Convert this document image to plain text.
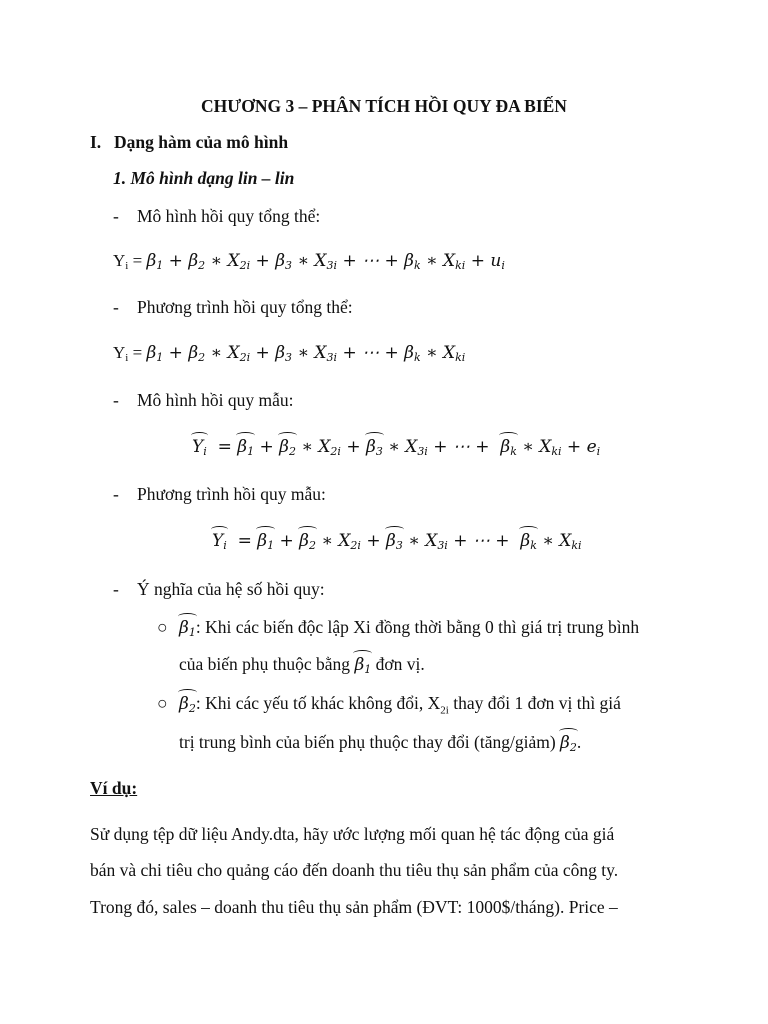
CHƯƠNG 3 – PHÂN TÍCH HỒI QUY ĐA BIẾN
I. Dạng hàm của mô hình
1. Mô hình dạng lin – lin
- Mô hình hồi quy tổng thể:
$Y_i = \beta_1 + \beta_2$ ∗ $X_{2i} + \beta_3$ ∗ $X_{3i}$ + ⋯ + $\beta_k$ ∗ $X_{ki} + u_i$
- Phương trình hồi quy tổng thể:
$Y_i = \beta_1 + \beta_2$ ∗ $X_{2i} + \beta_3$ ∗ $X_{3i}$ + ⋯ + $\beta_k$ ∗ $X_{ki}$
- Mô hình hồi quy mẫu:
$Y_i = \beta_1 + \beta_2$ ∗ $X_{2i} + \beta_3$ ∗ $X_{3i}$ + ⋯ +  $\beta_k$ ∗ $X_{ki} + e_i$
- Phương trình hồi quy mẫu:
$Y_i = \beta_1 + \beta_2$ ∗ $X_{2i} + \beta_3$ ∗ $X_{3i}$ + ⋯ +  $\beta_k$ ∗ $X_{ki}$
- Ý nghĩa của hệ số hồi quy:
○ $\beta_1$: Khi các biến độc lập Xi đồng thời bằng 0 thì giá trị trung bình
của biến phụ thuộc bằng $\beta_1$ đơn vị.
○ $\beta_2$: Khi các yếu tố khác không đổi, $X_{2i}$ thay đổi 1 đơn vị thì giá
trị trung bình của biến phụ thuộc thay đổi (tăng/giảm) $\beta_2$.
Ví dụ:
Sử dụng tệp dữ liệu Andy.dta, hãy ước lượng mối quan hệ tác động của giá
bán và chi tiêu cho quảng cáo đến doanh thu tiêu thụ sản phẩm của công ty.
Trong đó, sales – doanh thu tiêu thụ sản phẩm (ĐVT: 1000$/tháng). Price –
